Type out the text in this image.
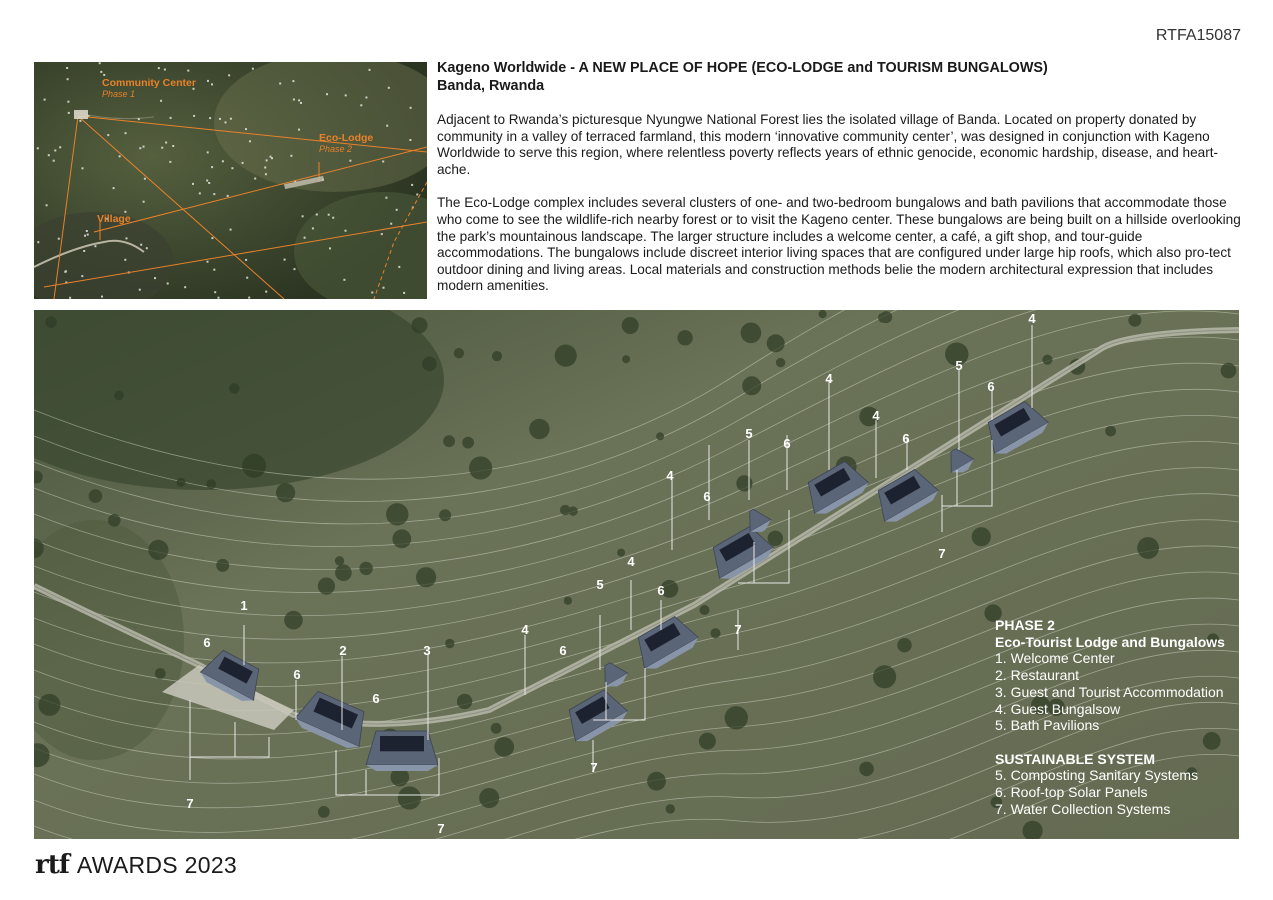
RTFA15087
Community Center
Phase 1
Eco-Lodge
Phase 2
Village

Kageno Worldwide - A NEW PLACE OF HOPE (ECO-LODGE and TOURISM BUNGALOWS)

Banda, Rwanda

Adjacent to Rwanda’s picturesque Nyungwe National Forest lies the isolated village of Banda. Located on property donated by community in a valley of terraced farmland, this modern ‘innovative community center’, was designed in conjunction with Kageno Worldwide to serve this region, where relentless poverty reflects years of ethnic genocide, economic hardship, disease, and heart-ache.

The Eco-Lodge complex includes several clusters of one- and two-bedroom bungalows and bath pavilions that accommodate those who come to see the wildlife-rich nearby forest or to visit the Kageno center. These bungalows are being built on a hillside overlooking the park’s mountainous landscape. The larger structure includes a welcome center, a café, a gift shop, and tour-guide accommodations. The bungalows include discreet interior living spaces that are configured under large hip roofs, which also pro-tect outdoor dining and living areas. Local materials and construction methods belie the modern architectural expression that includes modern amenities.

1
6
6
2	3
6
7
7
4
5
6
4
6
7
4
6
5
6
4
7
4
6
5
6
4
7
PHASE 2
Eco-Tourist Lodge and Bungalows
1. Welcome Center
2. Restaurant
3. Guest and Tourist Accommodation
4. Guest Bungalsow
5. Bath Pavilions
SUSTAINABLE SYSTEM
5. Composting Sanitary Systems
6. Roof-top Solar Panels
7. Water Collection Systems
rtf AWARDS 2023
